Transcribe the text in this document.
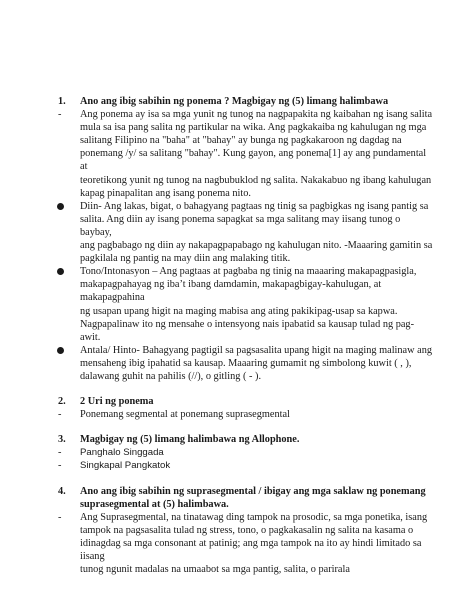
1.	Ano ang ibig sabihin ng ponema ? Magbigay ng (5) limang halimbawa
-	Ang ponema ay isa sa mga yunit ng tunog na nagpapakita ng kaibahan ng isang salita
mula sa isa pang salita ng partikular na wika. Ang pagkakaiba ng kahulugan ng mga
salitang Filipino na "baha" at "bahay" ay bunga ng pagkakaroon ng dagdag na
ponemang /y/ sa salitang "bahay". Kung gayon, ang ponema[1] ay ang pundamental at
teoretikong yunit ng tunog na nagbubuklod ng salita. Nakakabuo ng ibang kahulugan
kapag pinapalitan ang isang ponema nito.
Diin- Ang lakas, bigat, o bahagyang pagtaas ng tinig sa pagbigkas ng isang pantig sa
salita. Ang diin ay isang ponema sapagkat sa mga salitang may iisang tunog o baybay,
ang pagbabago ng diin ay nakapagpapabago ng kahulugan nito. -Maaaring gamitin sa
pagkilala ng pantig na may diin ang malaking titik.
Tono/Intonasyon – Ang pagtaas at pagbaba ng tinig na maaaring makapagpasigla,
makapagpahayag ng iba’t ibang damdamin, makapagbigay-kahulugan, at makapagpahina
ng usapan upang higit na maging mabisa ang ating pakikipag-usap sa kapwa.
Nagpapalinaw ito ng mensahe o intensyong nais ipabatid sa kausap tulad ng pag-awit.
Antala/ Hinto- Bahagyang pagtigil sa pagsasalita upang higit na maging malinaw ang
mensaheng ibig ipahatid sa kausap. Maaaring gumamit ng simbolong kuwit ( , ),
dalawang guhit na pahilis (//), o gitling ( - ).
2.	2 Uri ng ponema
-	Ponemang segmental at ponemang suprasegmental
3.	Magbigay ng (5) limang halimbawa ng Allophone.
-	Panghalo Singgada
-	Singkapal Pangkatok
4.	Ano ang ibig sabihin ng suprasegmental / ibigay ang mga saklaw ng ponemang
suprasegmental at (5) halimbawa.
-	Ang Suprasegmental, na tinatawag ding tampok na prosodic, sa mga ponetika, isang
tampok na pagsasalita tulad ng stress, tono, o pagkakasalin ng salita na kasama o
idinagdag sa mga consonant at patinig; ang mga tampok na ito ay hindi limitado sa iisang
tunog ngunit madalas na umaabot sa mga pantig, salita, o parirala
